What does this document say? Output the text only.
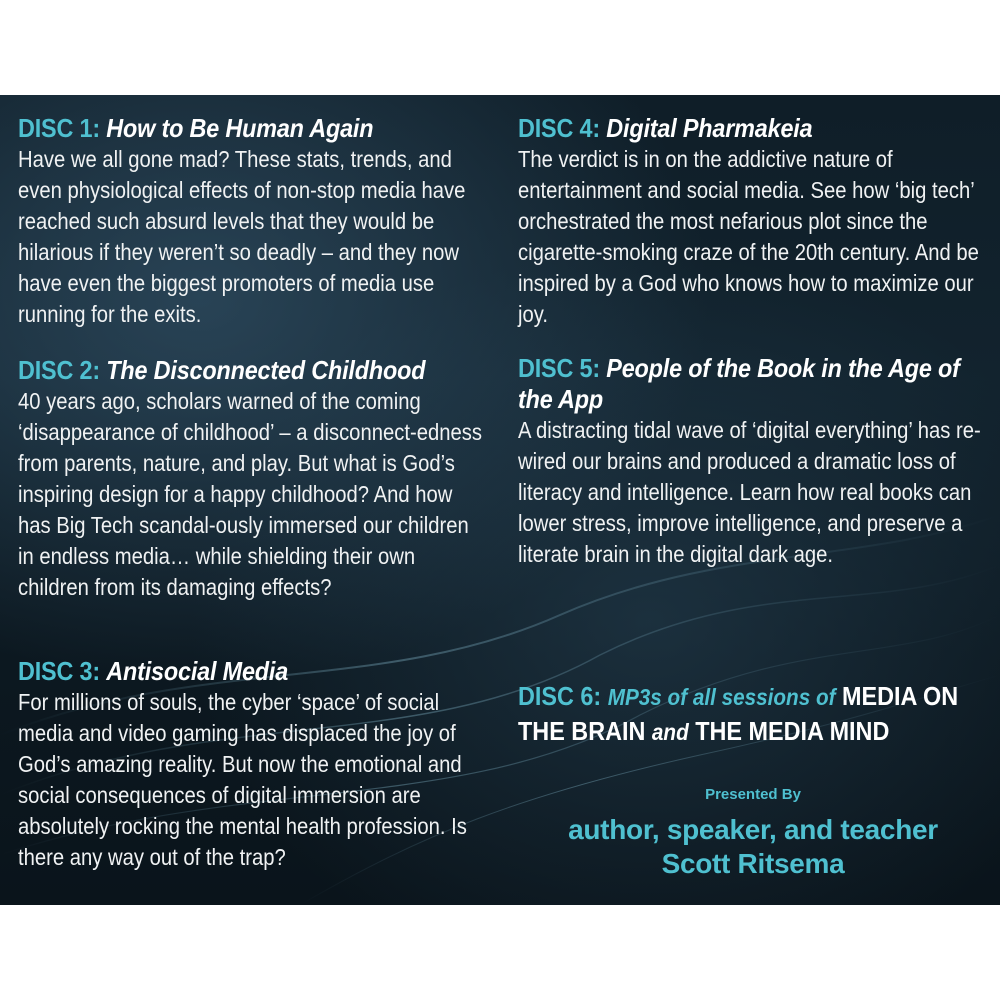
DISC 1: How to Be Human Again
Have we all gone mad? These stats, trends, and even physiological effects of non-stop media have reached such absurd levels that they would be hilarious if they weren’t so deadly – and they now have even the biggest promoters of media use running for the exits.
DISC 2: The Disconnected Childhood
40 years ago, scholars warned of the coming ‘disappearance of childhood’ – a disconnect-edness from parents, nature, and play. But what is God’s inspiring design for a happy childhood? And how has Big Tech scandal-ously immersed our children in endless media… while shielding their own children from its damaging effects?
DISC 3: Antisocial Media
For millions of souls, the cyber ‘space’ of social media and video gaming has displaced the joy of God’s amazing reality. But now the emotional and social consequences of digital immersion are absolutely rocking the mental health profession. Is there any way out of the trap?
DISC 4: Digital Pharmakeia
The verdict is in on the addictive nature of entertainment and social media. See how ‘big tech’ orchestrated the most nefarious plot since the cigarette-smoking craze of the 20th century. And be inspired by a God who knows how to maximize our joy.
DISC 5: People of the Book in the Age of the App
A distracting tidal wave of ‘digital everything’ has re-wired our brains and produced a dramatic loss of literacy and intelligence. Learn how real books can lower stress, improve intelligence, and preserve a literate brain in the digital dark age.
DISC 6: MP3s of all sessions of MEDIA ON THE BRAIN and THE MEDIA MIND
Presented By
author, speaker, and teacher
Scott Ritsema
